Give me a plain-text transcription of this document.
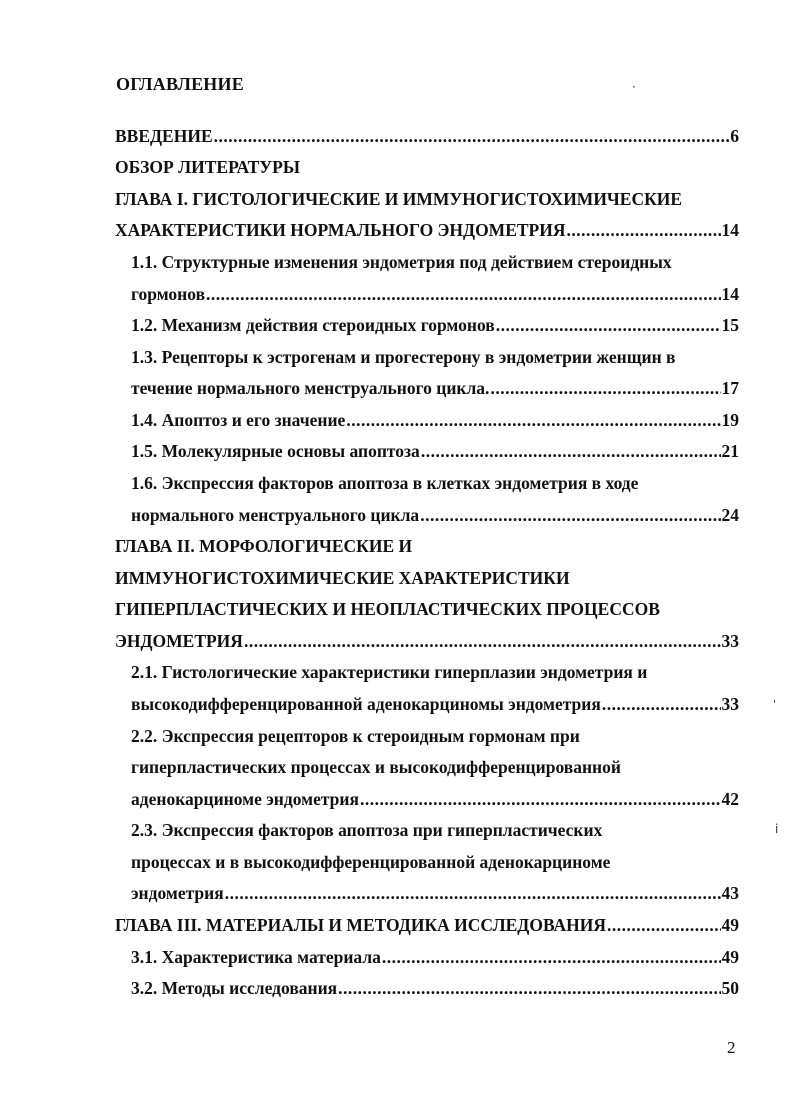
ОГЛАВЛЕНИЕ
ВВЕДЕНИЕ .....	6
ОБЗОР ЛИТЕРАТУРЫ
ГЛАВА I. ГИСТОЛОГИЧЕСКИЕ И ИММУНОГИСТОХИМИЧЕСКИЕ
ХАРАКТЕРИСТИКИ НОРМАЛЬНОГО ЭНДОМЕТРИЯ .....	14
1.1. Структурные изменения эндометрия под действием стероидных
гормонов .....	14
1.2. Механизм действия стероидных гормонов .....	15
1.3. Рецепторы к эстрогенам и прогестерону в эндометрии женщин в
течение нормального менструального цикла. .....	17
1.4. Апоптоз и его значение .....	19
1.5. Молекулярные основы апоптоза .....	21
1.6. Экспрессия факторов апоптоза в клетках эндометрия в ходе
нормального менструального цикла .....	24
ГЛАВА II. МОРФОЛОГИЧЕСКИЕ И
ИММУНОГИСТОХИМИЧЕСКИЕ ХАРАКТЕРИСТИКИ
ГИПЕРПЛАСТИЧЕСКИХ И НЕОПЛАСТИЧЕСКИХ ПРОЦЕССОВ
ЭНДОМЕТРИЯ .....	33
2.1. Гистологические характеристики гиперплазии эндометрия и
высокодифференцированной аденокарциномы эндометрия .....	33
2.2. Экспрессия рецепторов к стероидным гормонам при
гиперпластических процессах и высокодифференцированной
аденокарциноме эндометрия .....	42
2.3. Экспрессия факторов апоптоза при гиперпластических
процессах и в высокодифференцированной аденокарциноме
эндометрия .....	43
ГЛАВА III. МАТЕРИАЛЫ И МЕТОДИКА ИССЛЕДОВАНИЯ .....	49
3.1. Характеристика материала .....	49
3.2. Методы исследования .....	50
2
·
ˌ
ⅰ
